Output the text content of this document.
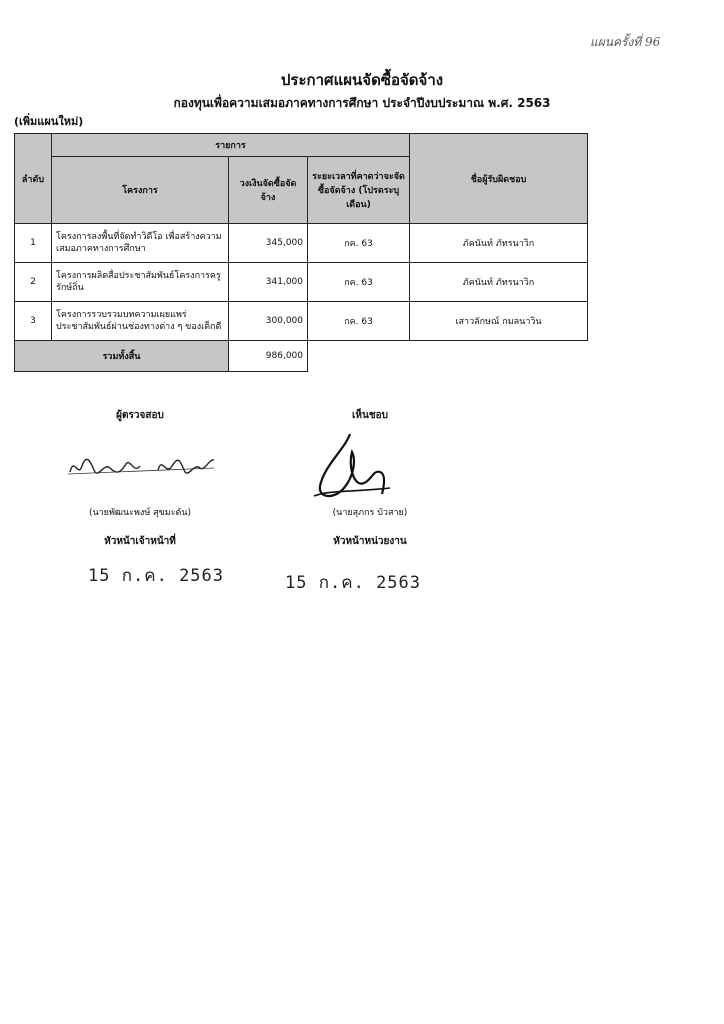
แผนครั้งที่ 96
ประกาศแผนจัดซื้อจัดจ้าง
กองทุนเพื่อความเสมอภาคทางการศึกษา ประจำปีงบประมาณ พ.ศ. 2563
(เพิ่มแผนใหม่)
ลำดับ	รายการ			ชื่อผู้รับผิดชอบ
	โครงการ	วงเงินจัดซื้อจัดจ้าง	ระยะเวลาที่คาดว่าจะจัดซื้อจัดจ้าง (โปรดระบุเดือน)	
1	โครงการลงพื้นที่จัดทำวิดีโอ เพื่อสร้างความเสมอภาคทางการศึกษา	345,000	กค. 63	ภัคนันท์ ภัทรนาวิก
2	โครงการผลิตสื่อประชาสัมพันธ์โครงการครูรักษ์ถิ่น	341,000	กค. 63	ภัคนันท์ ภัทรนาวิก
3	โครงการรวบรวมบทความเผยแพร่ประชาสัมพันธ์ผ่านช่องทางต่าง ๆ ของเด็กดี	300,000	กค. 63	เสาวลักษณ์ กมลนาวิน
รวมทั้งสิ้น		986,000		
ผู้ตรวจสอบ
(นายพัฒนะพงษ์ สุขมะดัน)
หัวหน้าเจ้าหน้าที่
15 ก.ค. 2563
เห็นชอบ
(นายสุภกร บัวสาย)
หัวหน้าหน่วยงาน
15 ก.ค. 2563
